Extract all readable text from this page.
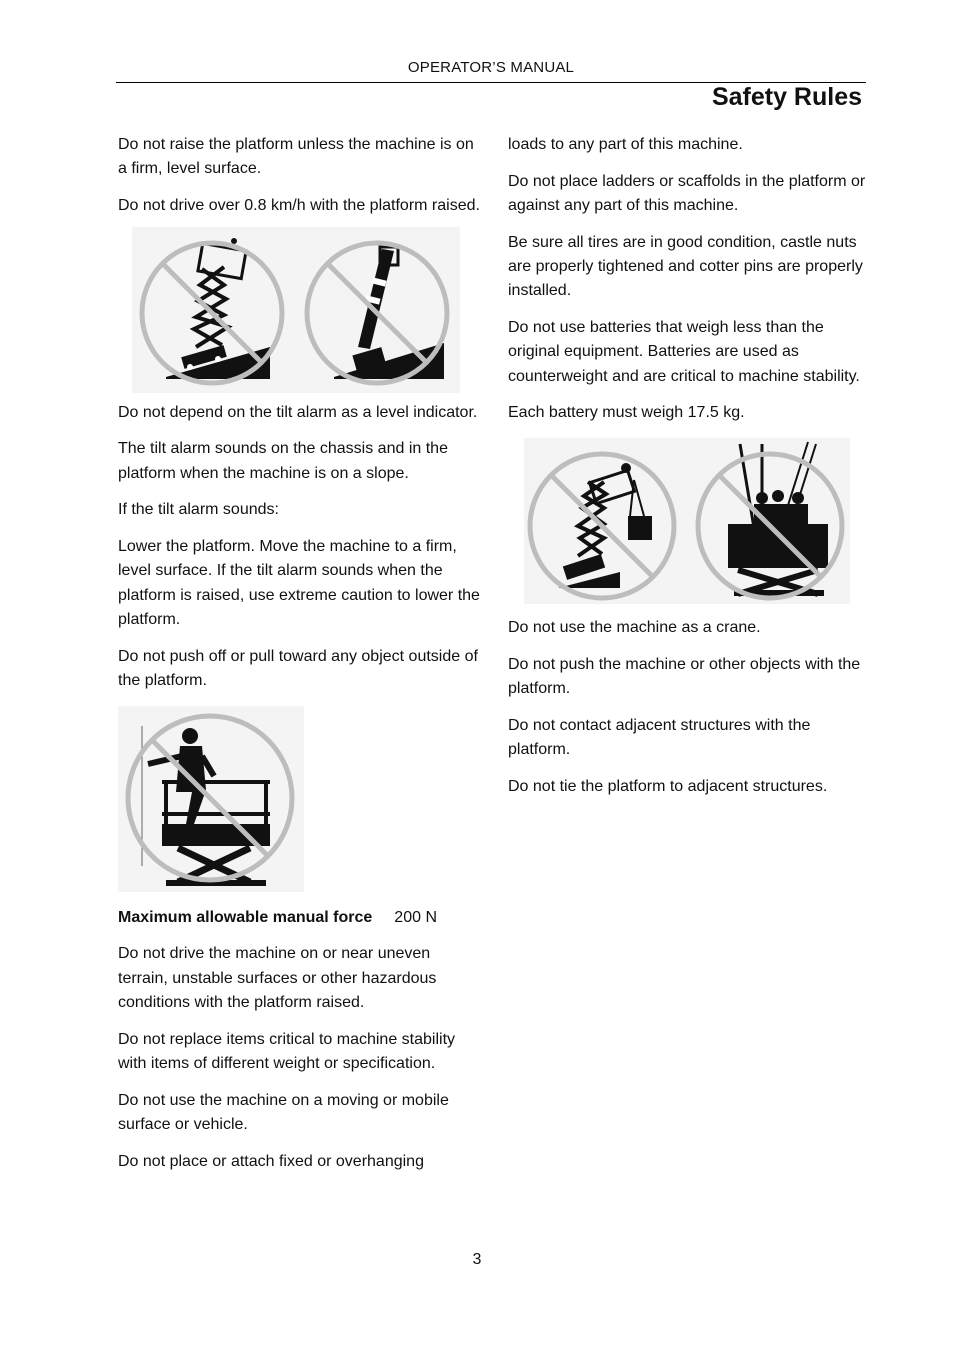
OPERATOR’S MANUAL
Safety Rules

Do not raise the platform unless the machine is on a firm, level surface.

Do not drive over 0.8 km/h with the platform raised.

Do not depend on the tilt alarm as a level indicator.

The tilt alarm sounds on the chassis and in the platform when the machine is on a slope.

If the tilt alarm sounds:

Lower the platform. Move the machine to a firm, level surface. If the tilt alarm sounds when the platform is raised, use extreme caution to lower the platform.

Do not push off or pull toward any object outside of the platform.

Maximum allowable manual force 200 N

Do not drive the machine on or near uneven terrain, unstable surfaces or other hazardous conditions with the platform raised.

Do not replace items critical to machine stability with items of different weight or specification.

Do not use the machine on a moving or mobile surface or vehicle.

Do not place or attach fixed or overhanging

loads to any part of this machine.

Do not place ladders or scaffolds in the platform or against any part of this machine.

Be sure all tires are in good condition, castle nuts are properly tightened and cotter pins are properly installed.

Do not use batteries that weigh less than the original equipment. Batteries are used as counterweight and are critical to machine stability.

Each battery must weigh 17.5 kg.

Do not use the machine as a crane.

Do not push the machine or other objects with the platform.

Do not contact adjacent structures with the platform.

Do not tie the platform to adjacent structures.

3
